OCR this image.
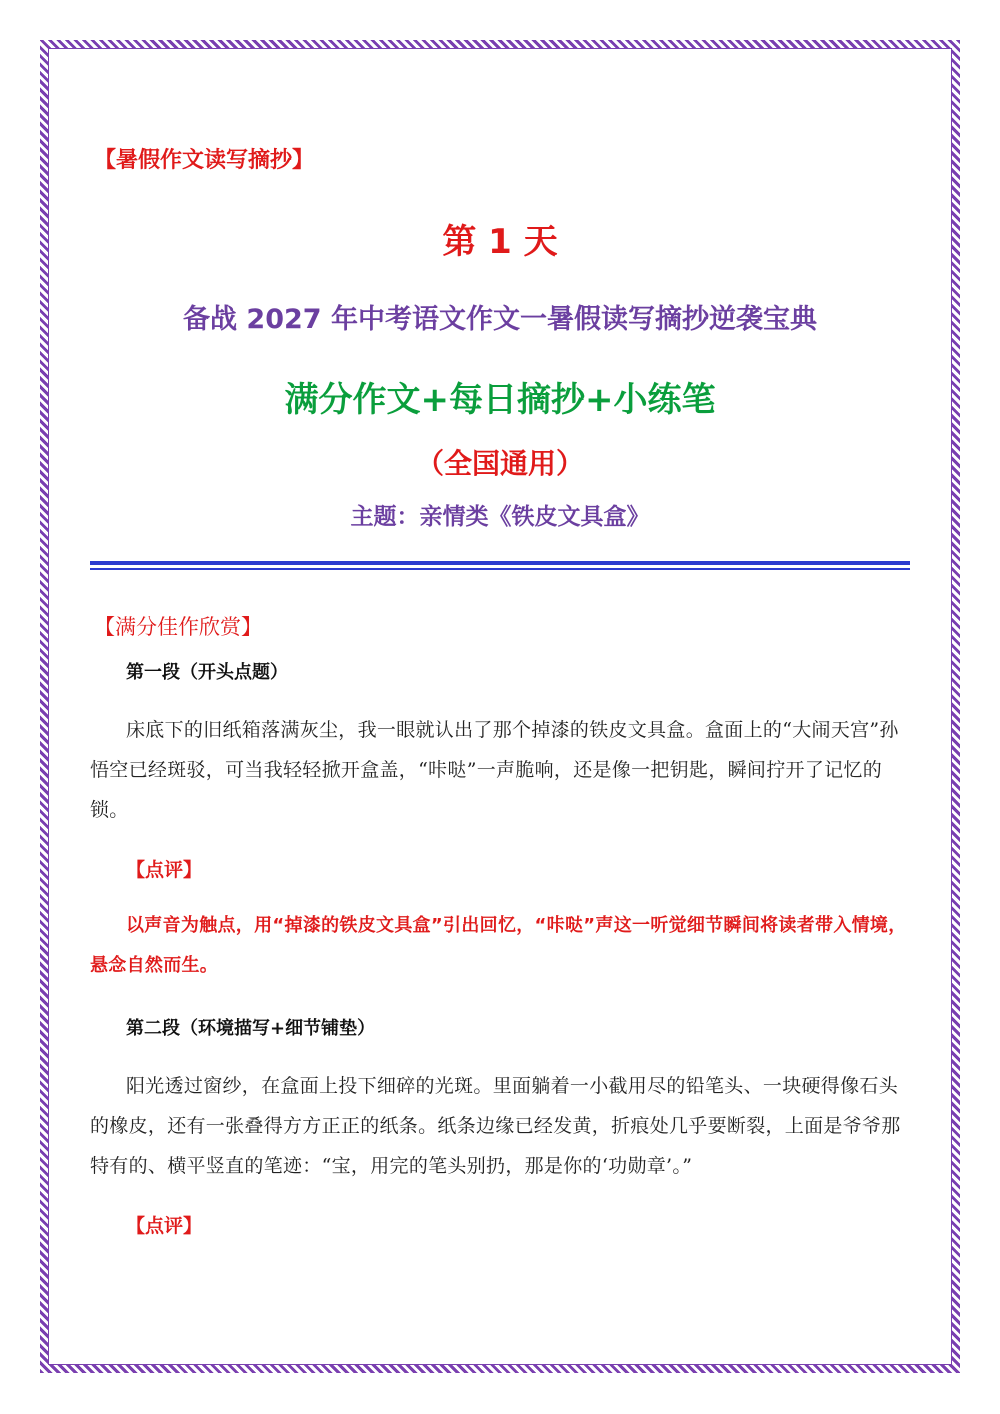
【暑假作文读写摘抄】
第 1 天
备战 2027 年中考语文作文一暑假读写摘抄逆袭宝典
满分作文+每日摘抄+小练笔
（全国通用）
主题：亲情类《铁皮文具盒》
【满分佳作欣赏】
第一段（开头点题）

床底下的旧纸箱落满灰尘，我一眼就认出了那个掉漆的铁皮文具盒。盒面上的“大闹天宫”孙悟空已经斑驳，可当我轻轻掀开盒盖，“咔哒”一声脆响，还是像一把钥匙，瞬间拧开了记忆的锁。

【点评】

以声音为触点，用“掉漆的铁皮文具盒”引出回忆，“咔哒”声这一听觉细节瞬间将读者带入情境，悬念自然而生。

第二段（环境描写+细节铺垫）

阳光透过窗纱，在盒面上投下细碎的光斑。里面躺着一小截用尽的铅笔头、一块硬得像石头的橡皮，还有一张叠得方方正正的纸条。纸条边缘已经发黄，折痕处几乎要断裂，上面是爷爷那特有的、横平竖直的笔迹：“宝，用完的笔头别扔，那是你的‘功勋章’。”

【点评】
